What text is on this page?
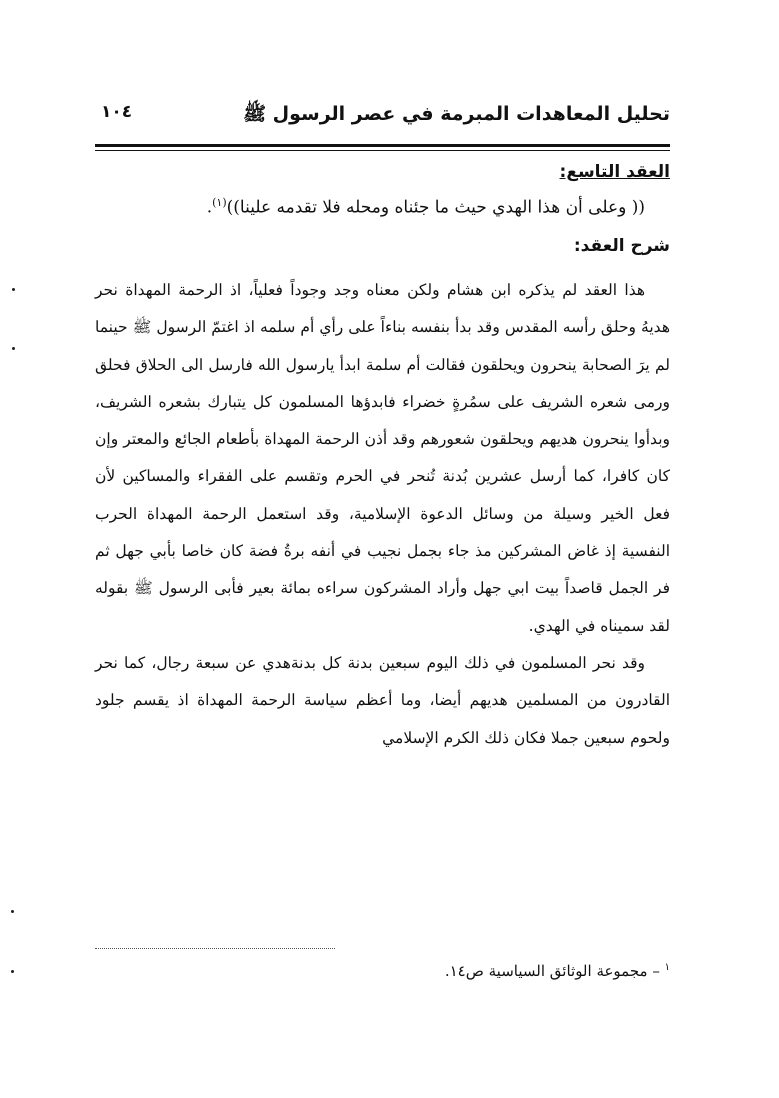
تحليل المعاهدات المبرمة في عصر الرسول ﷺ
١٠٤
العقد التاسع:
(( وعلى أن هذا الهدي حيث ما جئناه ومحله فلا تقدمه علينا))$^{(١)}$.
شرح العقد:

هذا العقد لم يذكره ابن هشام ولكن معناه وجد وجوداً فعلياً، اذ الرحمة المهداة نحر هديهُ وحلق رأسه المقدس وقد بدأ بنفسه بناءاً على رأي أم سلمه اذ اغتمّ الرسول ﷺ حينما لم يرَ الصحابة ينحرون ويحلقون فقالت أم سلمة ابدأ يارسول الله فارسل الى الحلاق فحلق ورمى شعره الشريف على سمُرةٍ خضراء فابدؤها المسلمون كل يتبارك بشعره الشريف، وبدأوا ينحرون هديهم ويحلقون شعورهم وقد أذن الرحمة المهداة بأطعام الجائع والمعتر وإن كان كافرا، كما أرسل عشرين بُدنة تُنحر في الحرم وتقسم على الفقراء والمساكين لأن فعل الخير وسيلة من وسائل الدعوة الإسلامية، وقد استعمل الرحمة المهداة الحرب النفسية إذ غاض المشركين مذ جاء بجمل نجيب في أنفه برةُ فضة كان خاصا بأبي جهل ثم فر الجمل قاصداً بيت ابي جهل وأراد المشركون سراءه بمائة بعير فأبى الرسول ﷺ بقوله لقد سميناه في الهدي.

وقد نحر المسلمون في ذلك اليوم سبعين بدنة كل بدنةهدي عن سبعة رجال، كما نحر القادرون من المسلمين هديهم أيضا، وما أعظم سياسة الرحمة المهداة اذ يقسم جلود ولحوم سبعين جملا فكان ذلك الكرم الإسلامي

$^١$ – مجموعة الوثائق السياسية ص١٤.
